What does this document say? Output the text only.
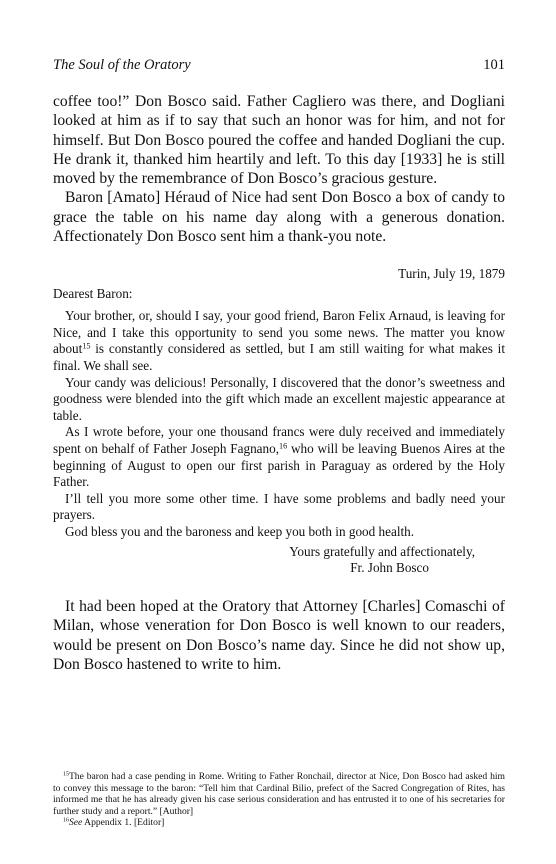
The Soul of the Oratory	101

coffee too!” Don Bosco said. Father Cagliero was there, and Dogliani looked at him as if to say that such an honor was for him, and not for himself. But Don Bosco poured the coffee and handed Dogliani the cup. He drank it, thanked him heartily and left. To this day [1933] he is still moved by the remembrance of Don Bosco’s gracious gesture.

Baron [Amato] Héraud of Nice had sent Don Bosco a box of candy to grace the table on his name day along with a generous donation. Affectionately Don Bosco sent him a thank-you note.

Turin, July 19, 1879

Dearest Baron:

Your brother, or, should I say, your good friend, Baron Felix Arnaud, is leaving for Nice, and I take this opportunity to send you some news. The matter you know about$^{15}$ is constantly considered as settled, but I am still waiting for what makes it final. We shall see.

Your candy was delicious! Personally, I discovered that the donor’s sweetness and goodness were blended into the gift which made an excellent majestic appearance at table.

As I wrote before, your one thousand francs were duly received and immediately spent on behalf of Father Joseph Fagnano,$^{16}$ who will be leaving Buenos Aires at the beginning of August to open our first parish in Paraguay as ordered by the Holy Father.

I’ll tell you more some other time. I have some problems and badly need your prayers.

God bless you and the baroness and keep you both in good health.

Yours gratefully and affectionately,

Fr. John Bosco

It had been hoped at the Oratory that Attorney [Charles] Comaschi of Milan, whose veneration for Don Bosco is well known to our readers, would be present on Don Bosco’s name day. Since he did not show up, Don Bosco hastened to write to him.

$^{15}$The baron had a case pending in Rome. Writing to Father Ronchail, director at Nice, Don Bosco had asked him to convey this message to the baron: “Tell him that Cardinal Bilio, prefect of the Sacred Congregation of Rites, has informed me that he has already given his case serious consideration and has entrusted it to one of his secretaries for further study and a report.” [Author]

$^{16}$See Appendix 1. [Editor]
